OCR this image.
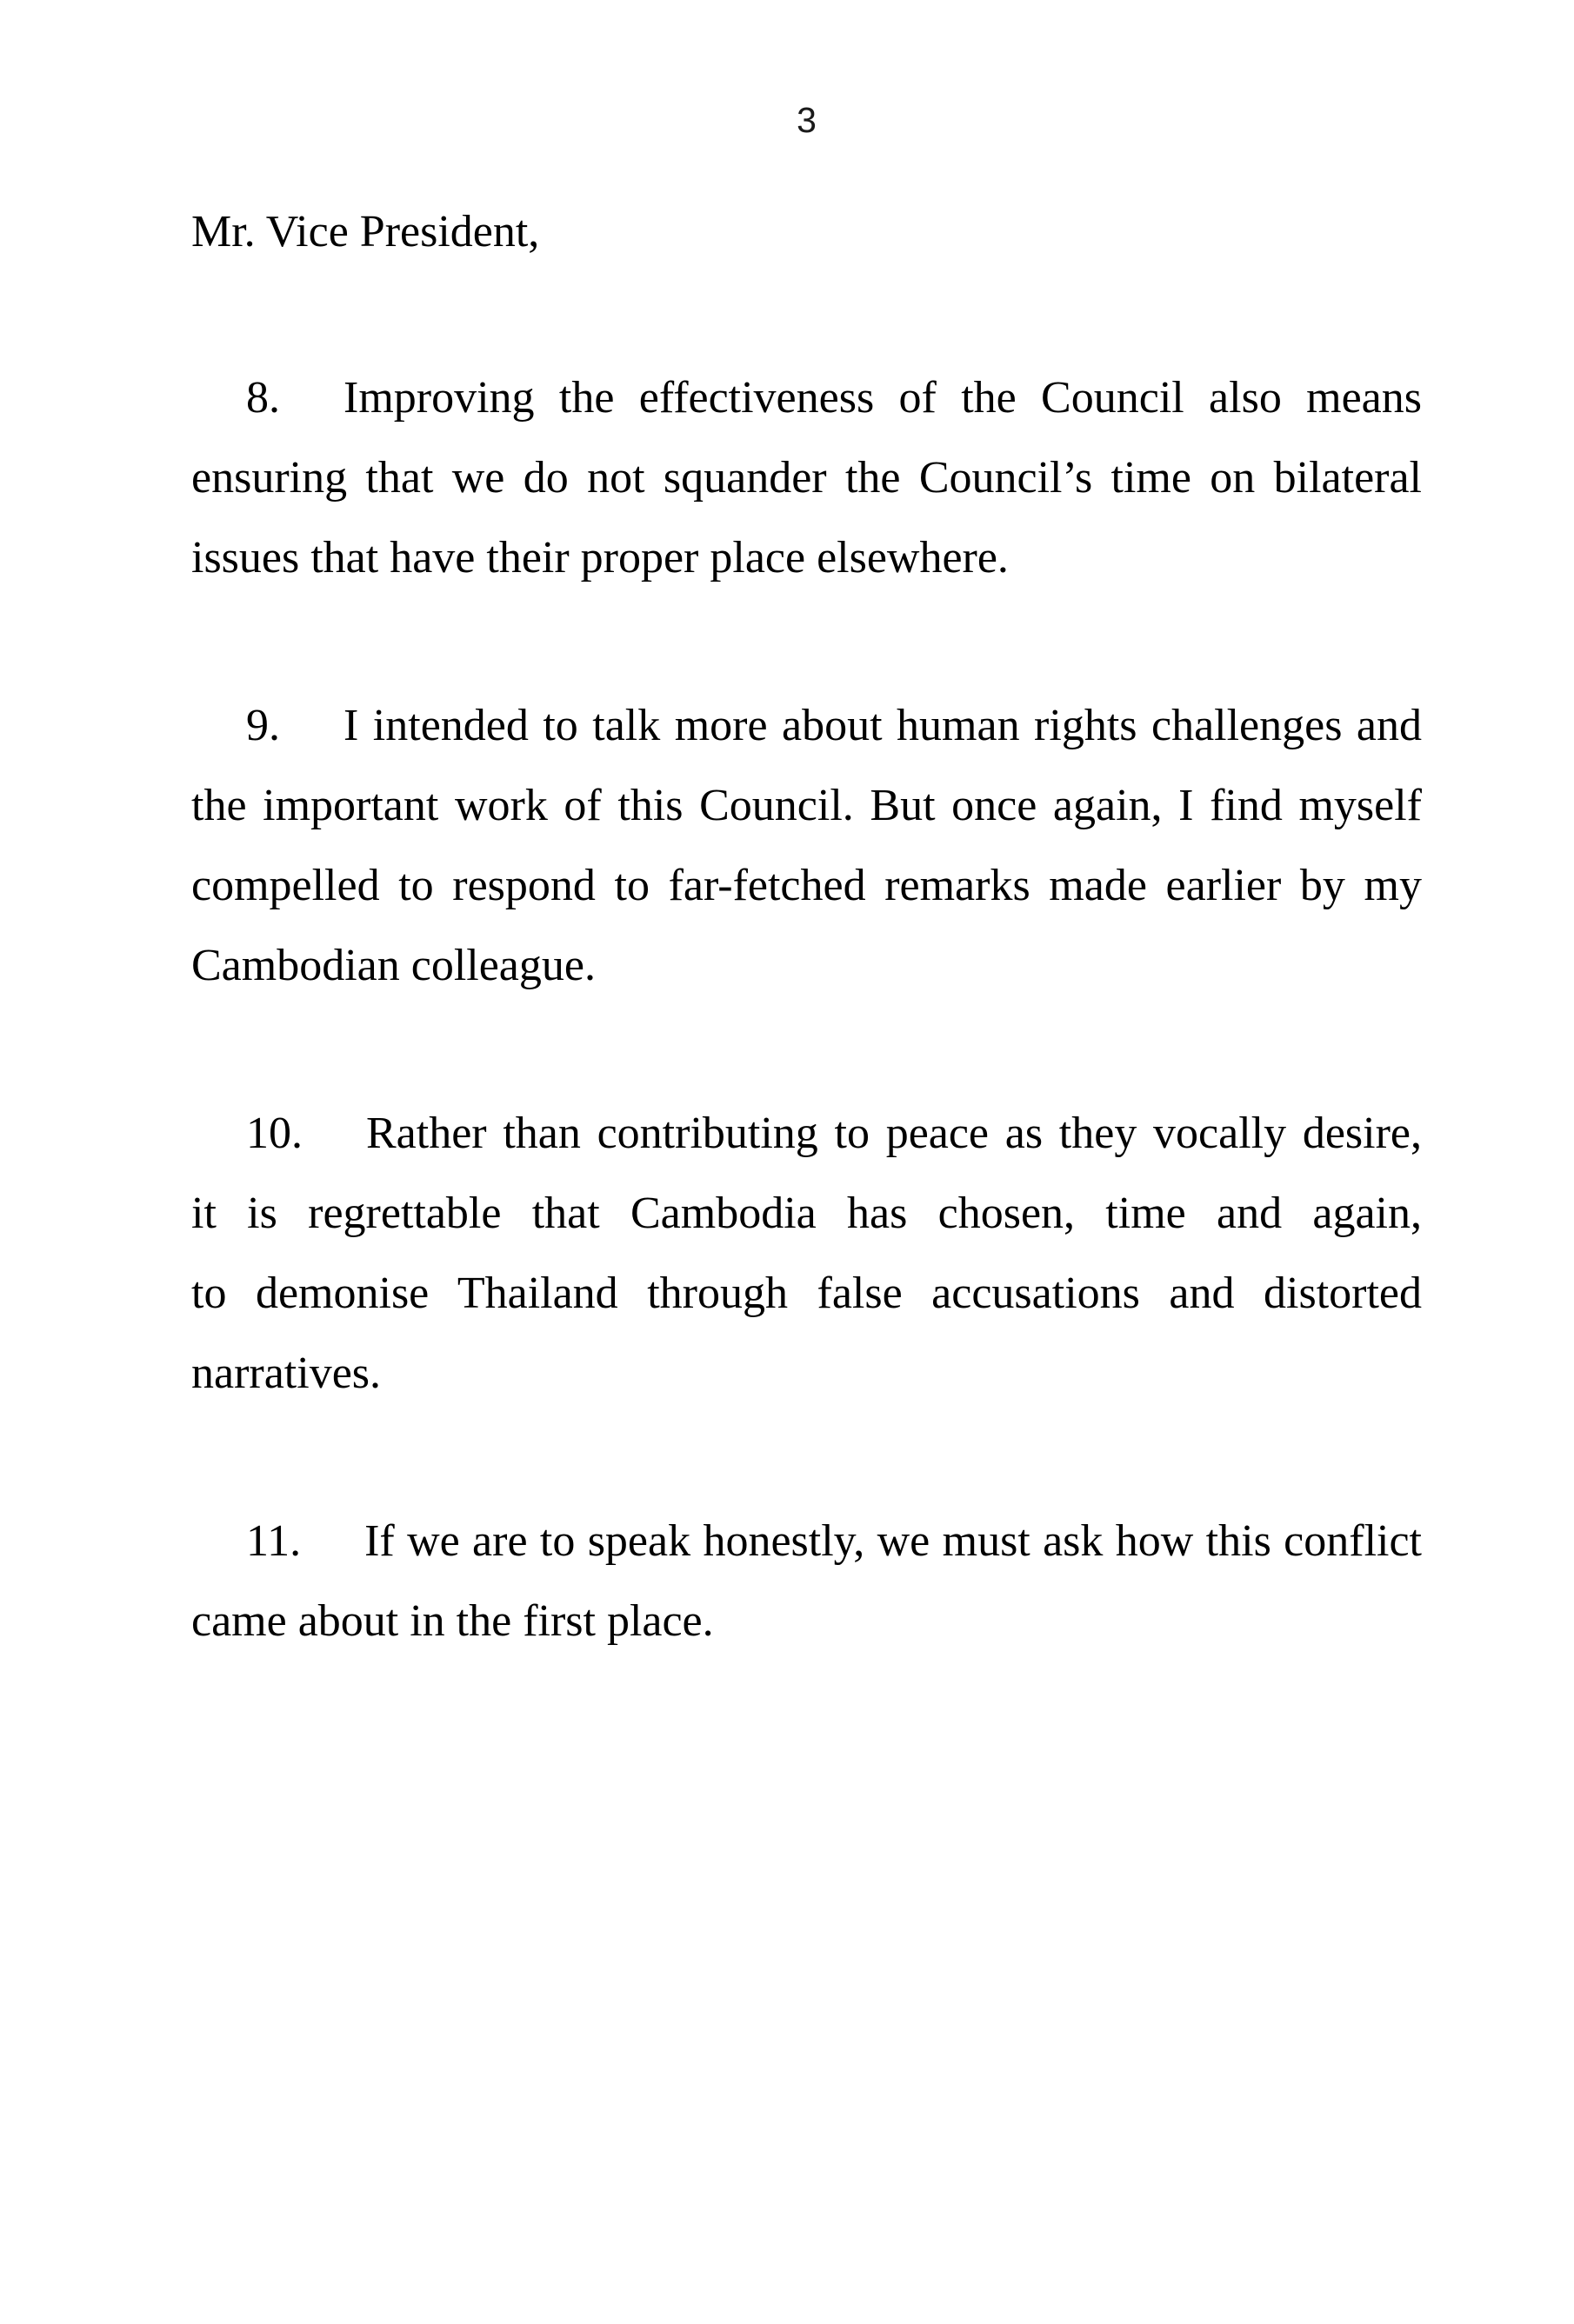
3
Mr. Vice President,
8. Improving the effectiveness of the Council also means
ensuring that we do not squander the Council’s time on bilateral
issues that have their proper place elsewhere.
9. I intended to talk more about human rights challenges and
the important work of this Council. But once again, I find myself
compelled to respond to far-fetched remarks made earlier by my
Cambodian colleague.
10. Rather than contributing to peace as they vocally desire,
it is regrettable that Cambodia has chosen, time and again,
to demonise Thailand through false accusations and distorted
narratives.
11. If we are to speak honestly, we must ask how this conflict
came about in the first place.
